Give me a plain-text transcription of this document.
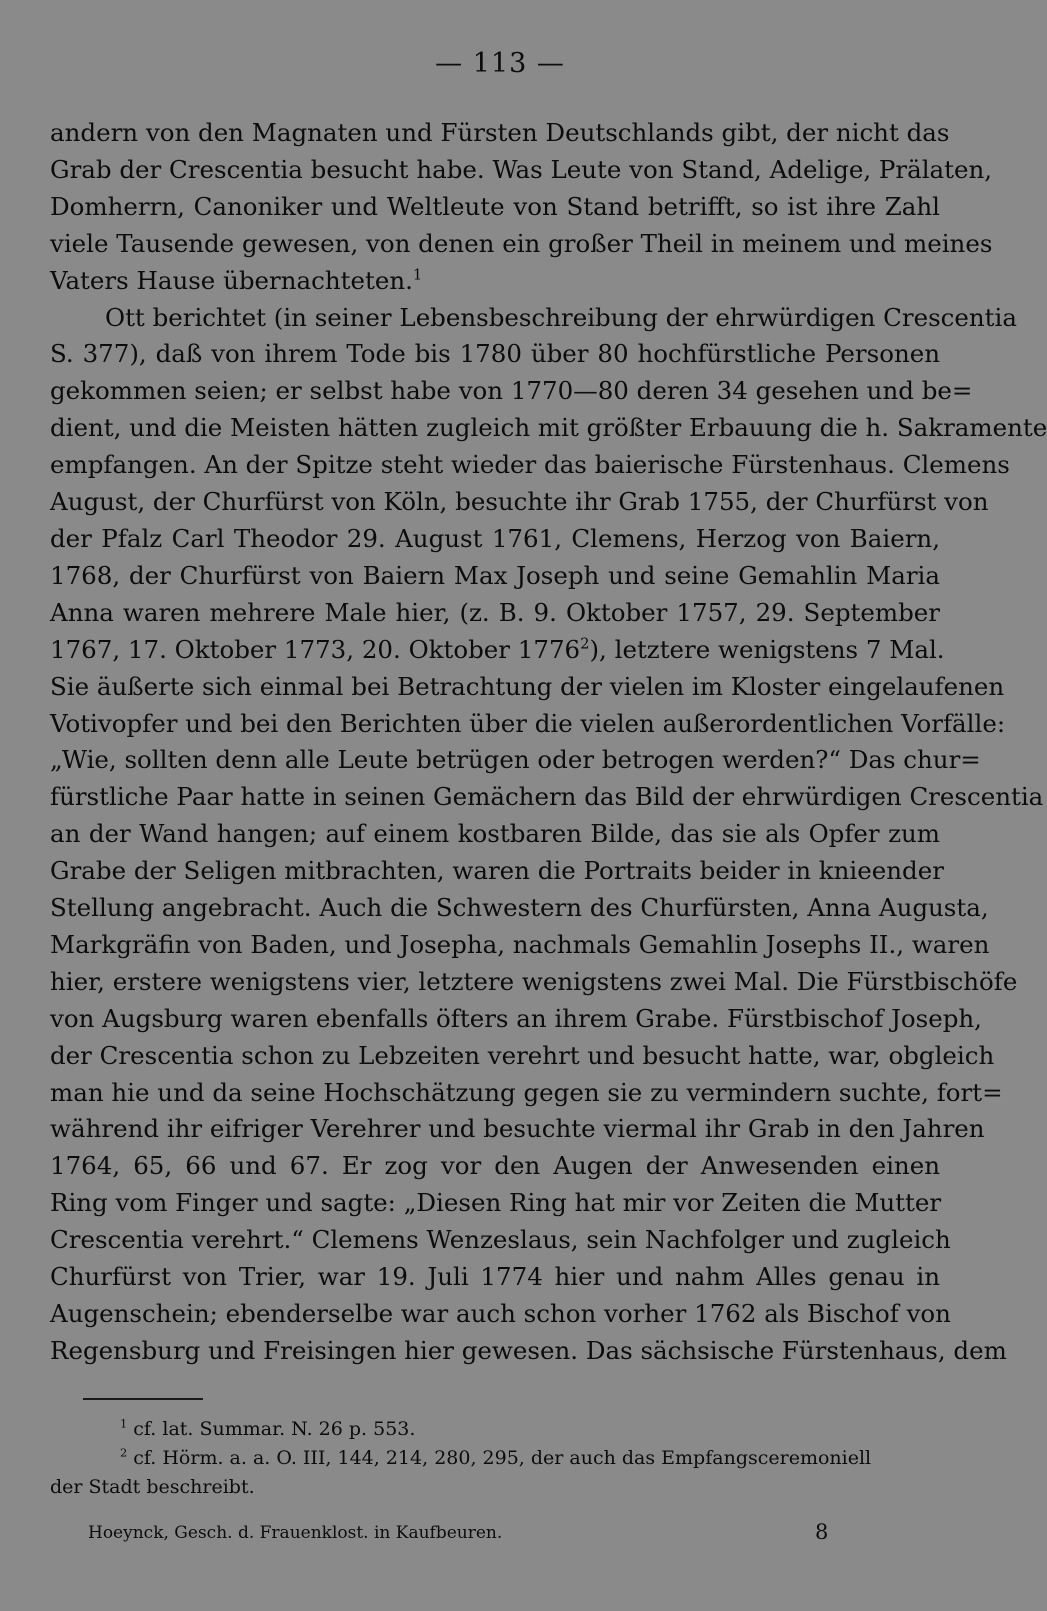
— 113 —
andern von den Magnaten und Fürsten Deutschlands gibt, der nicht das
Grab der Crescentia besucht habe. Was Leute von Stand, Adelige, Prälaten,
Domherrn, Canoniker und Weltleute von Stand betrifft, so ist ihre Zahl
viele Tausende gewesen, von denen ein großer Theil in meinem und meines
Vaters Hause übernachteten.$^1$
Ott berichtet (in seiner Lebensbeschreibung der ehrwürdigen Crescentia
S. 377), daß von ihrem Tode bis 1780 über 80 hochfürstliche Personen
gekommen seien; er selbst habe von 1770—80 deren 34 gesehen und be=
dient, und die Meisten hätten zugleich mit größter Erbauung die h. Sakramente
empfangen. An der Spitze steht wieder das baierische Fürstenhaus. Clemens
August, der Churfürst von Köln, besuchte ihr Grab 1755, der Churfürst von
der Pfalz Carl Theodor 29. August 1761, Clemens, Herzog von Baiern,
1768, der Churfürst von Baiern Max Joseph und seine Gemahlin Maria
Anna waren mehrere Male hier, (z. B. 9. Oktober 1757, 29. September
1767, 17. Oktober 1773, 20. Oktober 1776$^2$), letztere wenigstens 7 Mal.
Sie äußerte sich einmal bei Betrachtung der vielen im Kloster eingelaufenen
Votivopfer und bei den Berichten über die vielen außerordentlichen Vorfälle:
„Wie, sollten denn alle Leute betrügen oder betrogen werden?“ Das chur=
fürstliche Paar hatte in seinen Gemächern das Bild der ehrwürdigen Crescentia
an der Wand hangen; auf einem kostbaren Bilde, das sie als Opfer zum
Grabe der Seligen mitbrachten, waren die Portraits beider in knieender
Stellung angebracht. Auch die Schwestern des Churfürsten, Anna Augusta,
Markgräfin von Baden, und Josepha, nachmals Gemahlin Josephs II., waren
hier, erstere wenigstens vier, letztere wenigstens zwei Mal. Die Fürstbischöfe
von Augsburg waren ebenfalls öfters an ihrem Grabe. Fürstbischof Joseph,
der Crescentia schon zu Lebzeiten verehrt und besucht hatte, war, obgleich
man hie und da seine Hochschätzung gegen sie zu vermindern suchte, fort=
während ihr eifriger Verehrer und besuchte viermal ihr Grab in den Jahren
1764, 65, 66 und 67. Er zog vor den Augen der Anwesenden einen
Ring vom Finger und sagte: „Diesen Ring hat mir vor Zeiten die Mutter
Crescentia verehrt.“ Clemens Wenzeslaus, sein Nachfolger und zugleich
Churfürst von Trier, war 19. Juli 1774 hier und nahm Alles genau in
Augenschein; ebenderselbe war auch schon vorher 1762 als Bischof von
Regensburg und Freisingen hier gewesen. Das sächsische Fürstenhaus, dem
$^1$ cf. lat. Summar. N. 26 p. 553.
$^2$ cf. Hörm. a. a. O. III, 144, 214, 280, 295, der auch das Empfangsceremoniell
der Stadt beschreibt.
Hoeynck, Gesch. d. Frauenklost. in Kaufbeuren.	8
